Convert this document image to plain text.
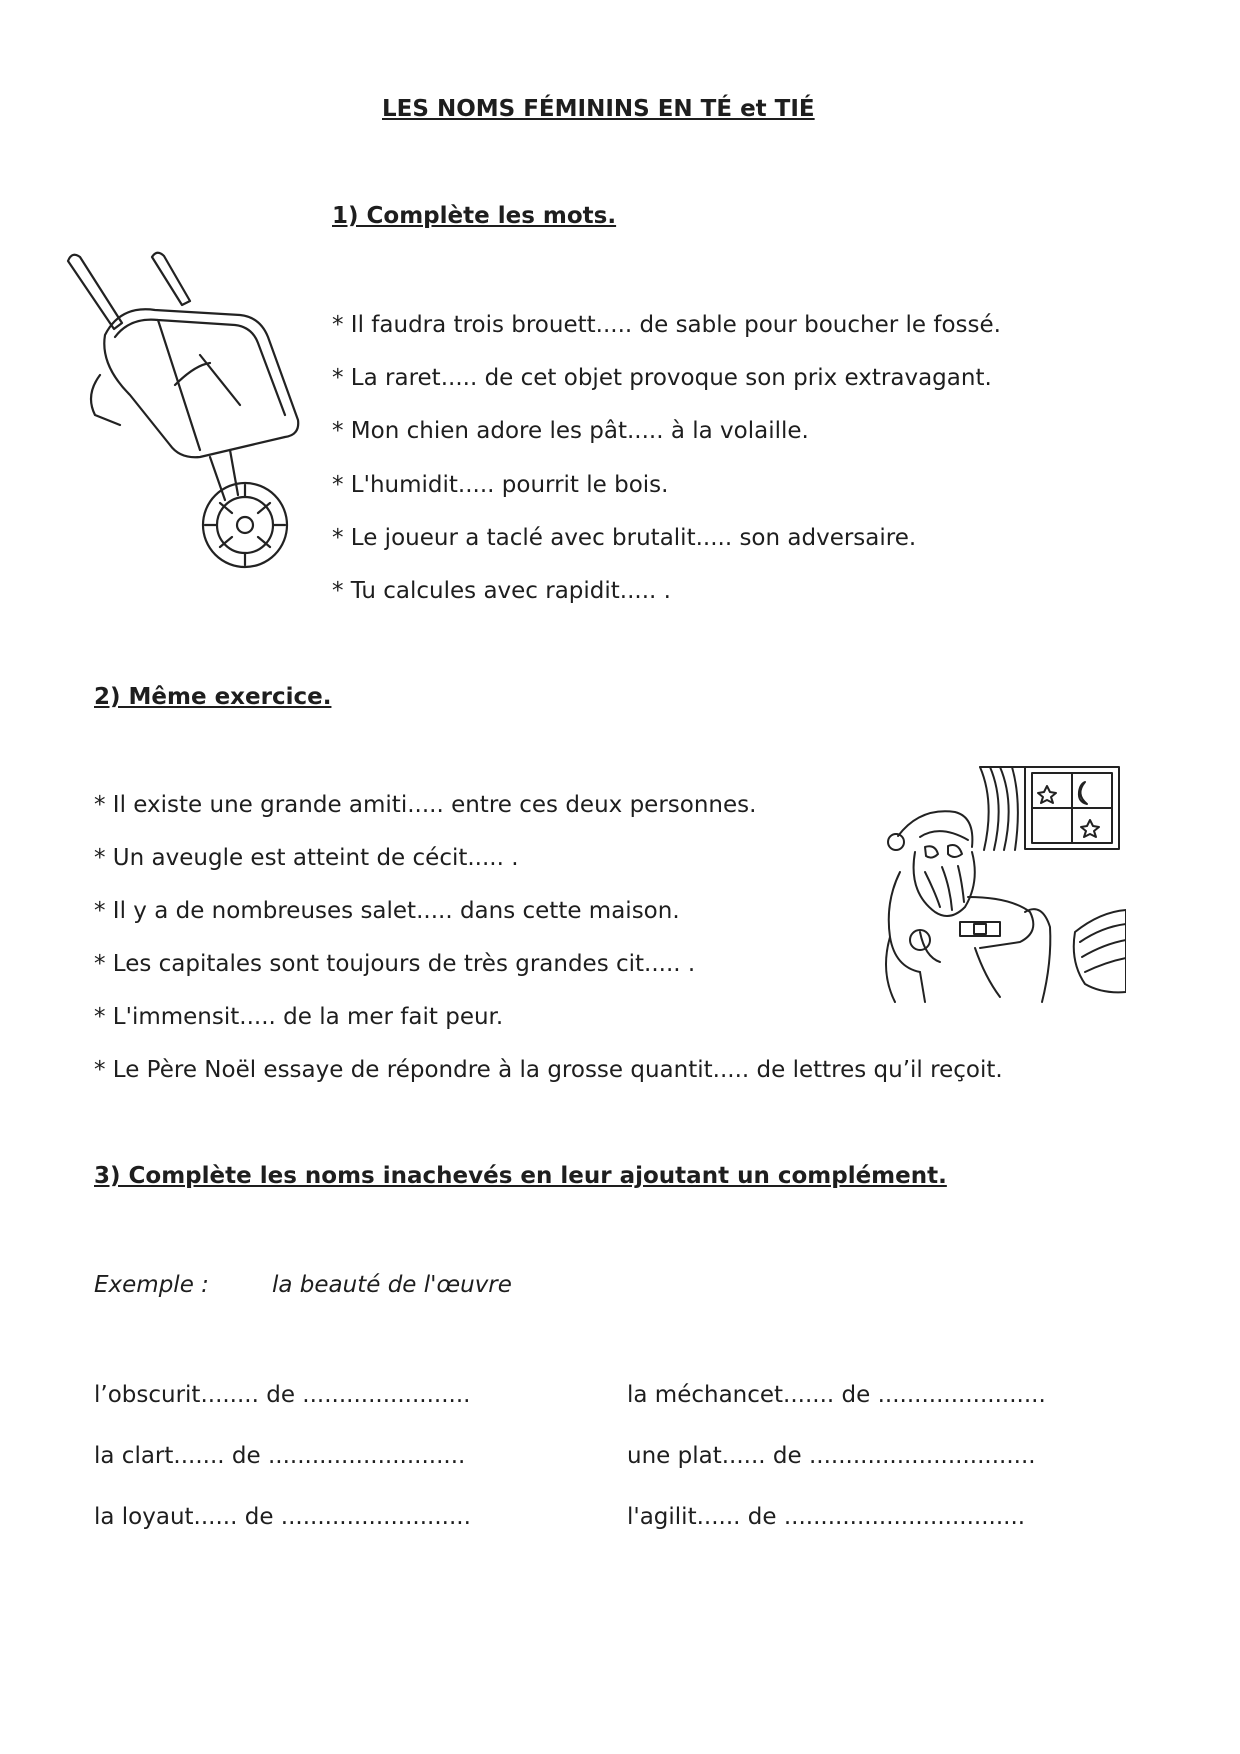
LES NOMS FÉMININS EN TÉ et TIÉ
1) Complète les mots.
* Il faudra trois brouett..... de sable pour boucher le fossé.
* La raret..... de cet objet provoque son prix extravagant.
* Mon chien adore les pât..... à la volaille.
* L'humidit..... pourrit le bois.
* Le joueur a taclé avec brutalit..... son adversaire.
* Tu calcules avec rapidit..... .
2) Même exercice.
* Il existe une grande amiti..... entre ces deux personnes.
* Un aveugle est atteint de cécit..... .
* Il y a de nombreuses salet..... dans cette maison.
* Les capitales sont toujours de très grandes cit..... .
* L'immensit..... de la mer fait peur.
* Le Père Noël essaye de répondre à la grosse quantit..... de lettres qu’il reçoit.
3) Complète les noms inachevés en leur ajoutant un complément.
Exemple :	la beauté de l'œuvre
l’obscurit........ de .......................
la clart....... de ...........................
la loyaut...... de ..........................
la méchancet....... de .......................
une plat...... de ...............................
l'agilit...... de .................................
